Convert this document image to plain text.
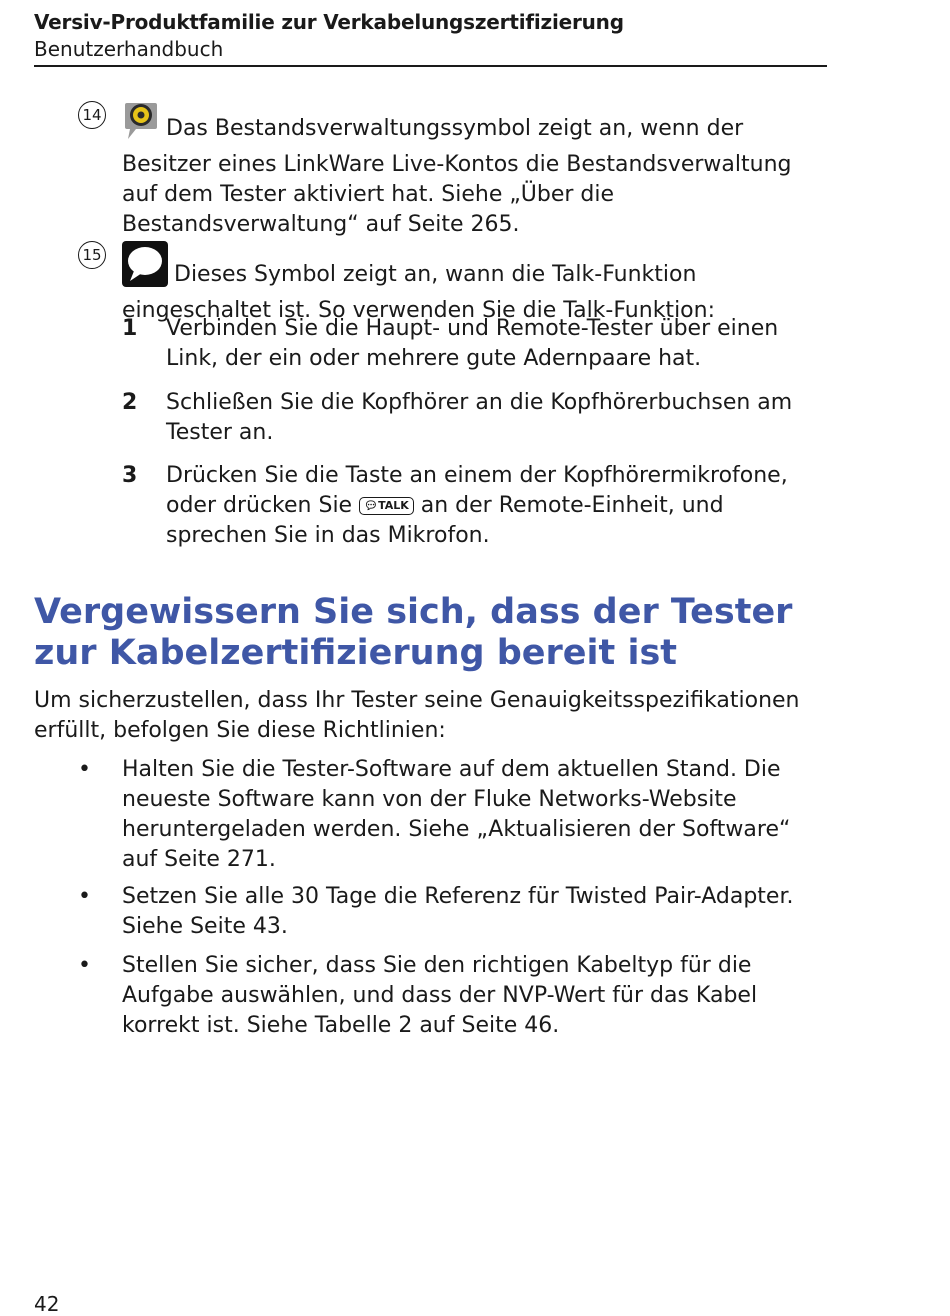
Versiv-Produktfamilie zur Verkabelungszertifizierung
Benutzerhandbuch
14
Das Bestandsverwaltungssymbol zeigt an, wenn der Besitzer eines LinkWare Live-Kontos die Bestandsverwaltung auf dem Tester aktiviert hat. Siehe „Über die Bestandsverwaltung“ auf Seite 265.
15
Dieses Symbol zeigt an, wann die Talk-Funktion eingeschaltet ist. So verwenden Sie die Talk-Funktion:
1 Verbinden Sie die Haupt- und Remote-Tester über einen Link, der ein oder mehrere gute Adernpaare hat.
2 Schließen Sie die Kopfhörer an die Kopfhörerbuchsen am Tester an.
3 Drücken Sie die Taste an einem der Kopfhörermikrofone, oder drücken Sie 💬︎TALK an der Remote-Einheit, und sprechen Sie in das Mikrofon.
Vergewissern Sie sich, dass der Tester zur Kabelzertifizierung bereit ist
Um sicherzustellen, dass Ihr Tester seine Genauigkeitsspezifikationen erfüllt, befolgen Sie diese Richtlinien:
• Halten Sie die Tester-Software auf dem aktuellen Stand. Die neueste Software kann von der Fluke Networks-Website heruntergeladen werden. Siehe „Aktualisieren der Software“ auf Seite 271.
• Setzen Sie alle 30 Tage die Referenz für Twisted Pair-Adapter. Siehe Seite 43.
• Stellen Sie sicher, dass Sie den richtigen Kabeltyp für die Aufgabe auswählen, und dass der NVP-Wert für das Kabel korrekt ist. Siehe Tabelle 2 auf Seite 46.
42
